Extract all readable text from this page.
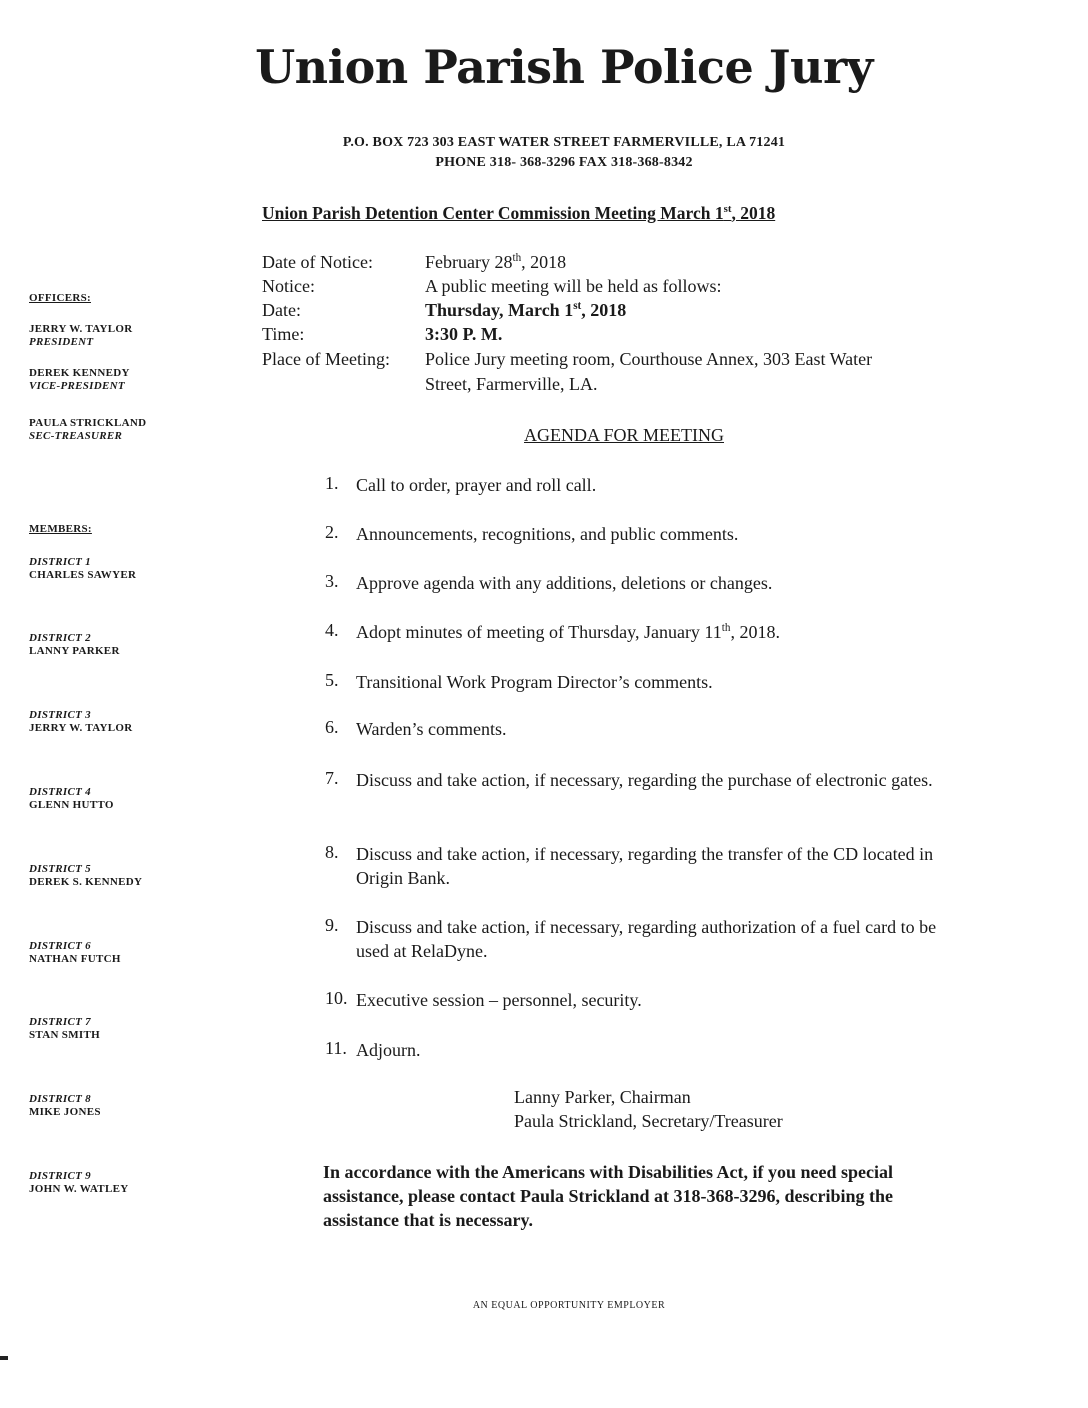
Union Parish Police Jury
P.O. BOX 723 303 EAST WATER STREET FARMERVILLE, LA 71241
PHONE 318- 368-3296 FAX 318-368-8342
Union Parish Detention Center Commission Meeting March 1st, 2018
Date of Notice:	February 28th, 2018
Notice:	A public meeting will be held as follows:
Date:	Thursday, March 1st, 2018
Time:	3:30 P. M.
Place of Meeting: Police Jury meeting room, Courthouse Annex, 303 East Water
Street, Farmerville, LA.
AGENDA FOR MEETING
1. Call to order, prayer and roll call.
2. Announcements, recognitions, and public comments.
3. Approve agenda with any additions, deletions or changes.
4. Adopt minutes of meeting of Thursday, January 11th, 2018.
5. Transitional Work Program Director’s comments.
6. Warden’s comments.
7. Discuss and take action, if necessary, regarding the purchase of electronic gates.
8. Discuss and take action, if necessary, regarding the transfer of the CD located in Origin Bank.
9. Discuss and take action, if necessary, regarding authorization of a fuel card to be used at RelaDyne.
10. Executive session – personnel, security.
11. Adjourn.
Lanny Parker, Chairman
Paula Strickland, Secretary/Treasurer
In accordance with the Americans with Disabilities Act, if you need special assistance, please contact Paula Strickland at 318-368-3296, describing the assistance that is necessary.
OFFICERS:
JERRY W. TAYLOR
PRESIDENT
DEREK KENNEDY
VICE-PRESIDENT
PAULA STRICKLAND
SEC-TREASURER
MEMBERS:
DISTRICT 1
CHARLES SAWYER
DISTRICT 2
LANNY PARKER
DISTRICT 3
JERRY W. TAYLOR
DISTRICT 4
GLENN HUTTO
DISTRICT 5
DEREK S. KENNEDY
DISTRICT 6
NATHAN FUTCH
DISTRICT 7
STAN SMITH
DISTRICT 8
MIKE JONES
DISTRICT 9
JOHN W. WATLEY
AN EQUAL OPPORTUNITY EMPLOYER
